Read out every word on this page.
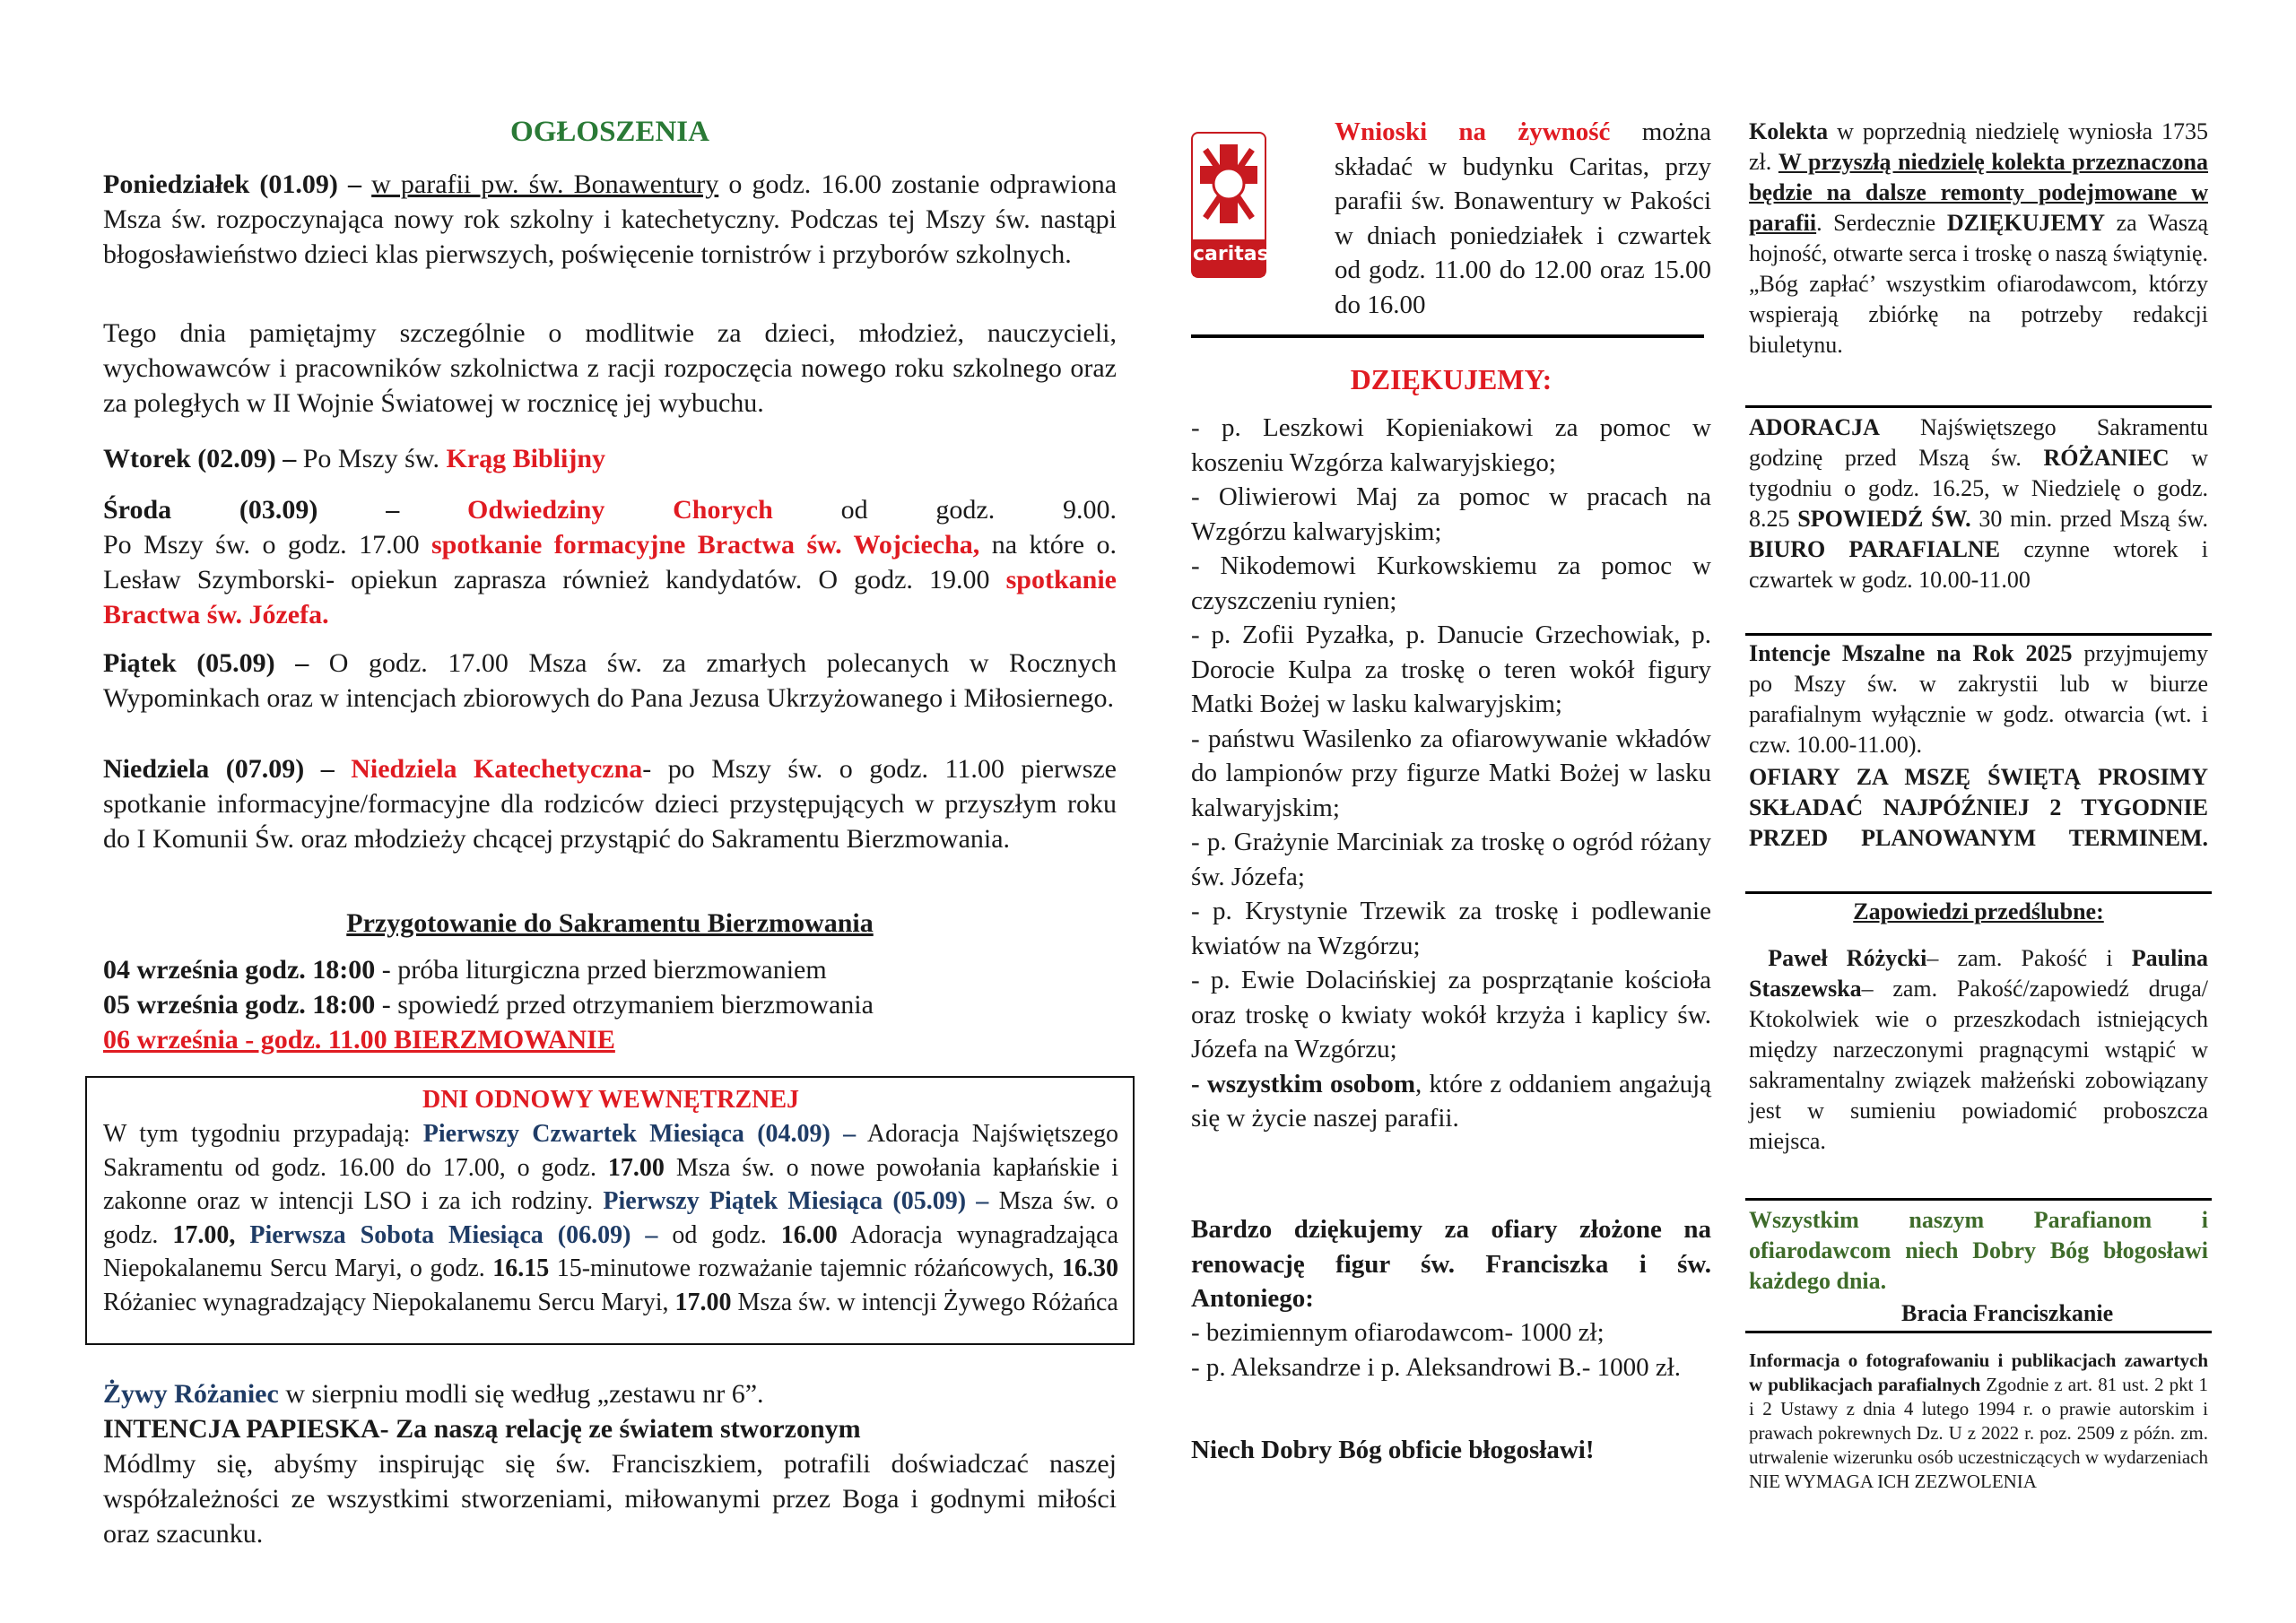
OGŁOSZENIA

Poniedziałek (01.09) – w parafii pw. św. Bonawentury o godz. 16.00 zostanie odprawiona Msza św. rozpoczynająca nowy rok szkolny i katechetyczny. Podczas tej Mszy św. nastąpi błogosławieństwo dzieci klas pierwszych, poświęcenie tornistrów i przyborów szkolnych.

Tego dnia pamiętajmy szczególnie o modlitwie za dzieci, młodzież, nauczycieli, wychowawców i pracowników szkolnictwa z racji rozpoczęcia nowego roku szkolnego oraz za poległych w II Wojnie Światowej w rocznicę jej wybuchu.

Wtorek (02.09) – Po Mszy św. Krąg Biblijny

Środa (03.09) –	Odwiedziny Chorych	od godz. 9.00.

Po Mszy św. o godz. 17.00 spotkanie formacyjne Bractwa św. Wojciecha, na które o. Lesław Szymborski- opiekun zaprasza również kandydatów. O godz. 19.00 spotkanie Bractwa św. Józefa.

Piątek (05.09) – O godz. 17.00 Msza św. za zmarłych polecanych w Rocznych Wypominkach oraz w intencjach zbiorowych do Pana Jezusa Ukrzyżowanego i Miłosiernego.

Niedziela (07.09) – Niedziela Katechetyczna- po Mszy św. o godz. 11.00 pierwsze spotkanie informacyjne/formacyjne dla rodziców dzieci przystępujących w przyszłym roku do I Komunii Św. oraz młodzieży chcącej przystąpić do Sakramentu Bierzmowania.

Przygotowanie do Sakramentu Bierzmowania

04 września godz. 18:00 - próba liturgiczna przed bierzmowaniem

05 września godz. 18:00 - spowiedź przed otrzymaniem bierzmowania

06 września - godz. 11.00 BIERZMOWANIE

Żywy Różaniec w sierpniu modli się według „zestawu nr 6”.
INTENCJA PAPIESKA- Za naszą relację ze światem stworzonym

Módlmy się, abyśmy inspirując się św. Franciszkiem, potrafili doświadczać naszej współzależności ze wszystkimi stworzeniami, miłowanymi przez Boga i godnymi miłości oraz szacunku.

DNI ODNOWY WEWNĘTRZNEJ

W tym tygodniu przypadają: Pierwszy Czwartek Miesiąca (04.09) – Adoracja Najświętszego Sakramentu od godz. 16.00 do 17.00, o godz. 17.00 Msza św. o nowe powołania kapłańskie i zakonne oraz w intencji LSO i za ich rodziny. Pierwszy Piątek Miesiąca (05.09) – Msza św. o godz. 17.00, Pierwsza Sobota Miesiąca (06.09) – od godz. 16.00 Adoracja wynagradzająca Niepokalanemu Sercu Maryi, o godz. 16.15 15-minutowe rozważanie tajemnic różańcowych, 16.30 Różaniec wynagradzający Niepokalanemu Sercu Maryi, 17.00 Msza św. w intencji Żywego Różańca

caritas

Wnioski na żywność można składać w budynku Caritas, przy parafii św. Bonawentury w Pakości w dniach poniedziałek i czwartek od godz. 11.00 do 12.00 oraz 15.00 do 16.00

DZIĘKUJEMY:

- p. Leszkowi Kopieniakowi za pomoc w koszeniu Wzgórza kalwaryjskiego;

- Oliwierowi Maj za pomoc w pracach na Wzgórzu kalwaryjskim;

- Nikodemowi Kurkowskiemu za pomoc w czyszczeniu rynien;

- p. Zofii Pyzałka, p. Danucie Grzechowiak, p. Dorocie Kulpa za troskę o teren wokół figury Matki Bożej w lasku kalwaryjskim;

- państwu Wasilenko za ofiarowywanie wkładów do lampionów przy figurze Matki Bożej w lasku kalwaryjskim;

- p. Grażynie Marciniak za troskę o ogród różany św. Józefa;

- p. Krystynie Trzewik za troskę i podlewanie kwiatów na Wzgórzu;

- p. Ewie Dolacińskiej za posprzątanie kościoła oraz troskę o kwiaty wokół krzyża i kaplicy św. Józefa na Wzgórzu;

- wszystkim osobom, które z oddaniem angażują się w życie naszej parafii.

Bardzo dziękujemy za ofiary złożone na renowację figur św. Franciszka i św. Antoniego:

- bezimiennym ofiarodawcom- 1000 zł;

- p. Aleksandrze i p. Aleksandrowi B.- 1000 zł.

Niech Dobry Bóg obficie błogosławi!

Kolekta w poprzednią niedzielę wyniosła 1735 zł. W przyszłą niedzielę kolekta przeznaczona będzie na dalsze remonty podejmowane w parafii. Serdecznie DZIĘKUJEMY za Waszą hojność, otwarte serca i troskę o naszą świątynię. „Bóg zapłać’ wszystkim ofiarodawcom, którzy wspierają zbiórkę na potrzeby redakcji biuletynu.

ADORACJA Najświętszego Sakramentu godzinę przed Mszą św. RÓŻANIEC w tygodniu o godz. 16.25, w Niedzielę o godz. 8.25 SPOWIEDŹ ŚW. 30 min. przed Mszą św. BIURO PARAFIALNE czynne wtorek i czwartek w godz. 10.00-11.00

Intencje Mszalne na Rok 2025 przyjmujemy po Mszy św. w zakrystii lub w biurze parafialnym wyłącznie w godz. otwarcia (wt. i czw. 10.00-11.00).

OFIARY ZA MSZĘ ŚWIĘTĄ PROSIMY SKŁADAĆ NAJPÓŹNIEJ 2 TYGODNIE PRZED PLANOWANYM TERMINEM.

Zapowiedzi przedślubne:

Paweł Różycki– zam. Pakość i Paulina Staszewska– zam. Pakość/zapowiedź druga/ Ktokolwiek wie o przeszkodach istniejących między narzeczonymi pragnącymi wstąpić w sakramentalny związek małżeński zobowiązany jest w sumieniu powiadomić proboszcza miejsca.

Wszystkim naszym Parafianom i ofiarodawcom niech Dobry Bóg błogosławi każdego dnia.

Bracia Franciszkanie

Informacja o fotografowaniu i publikacjach zawartych w publikacjach parafialnych Zgodnie z art. 81 ust. 2 pkt 1 i 2 Ustawy z dnia 4 lutego 1994 r. o prawie autorskim i prawach pokrewnych Dz. U z 2022 r. poz. 2509 z późn. zm. utrwalenie wizerunku osób uczestniczących w wydarzeniach NIE WYMAGA ICH ZEZWOLENIA
